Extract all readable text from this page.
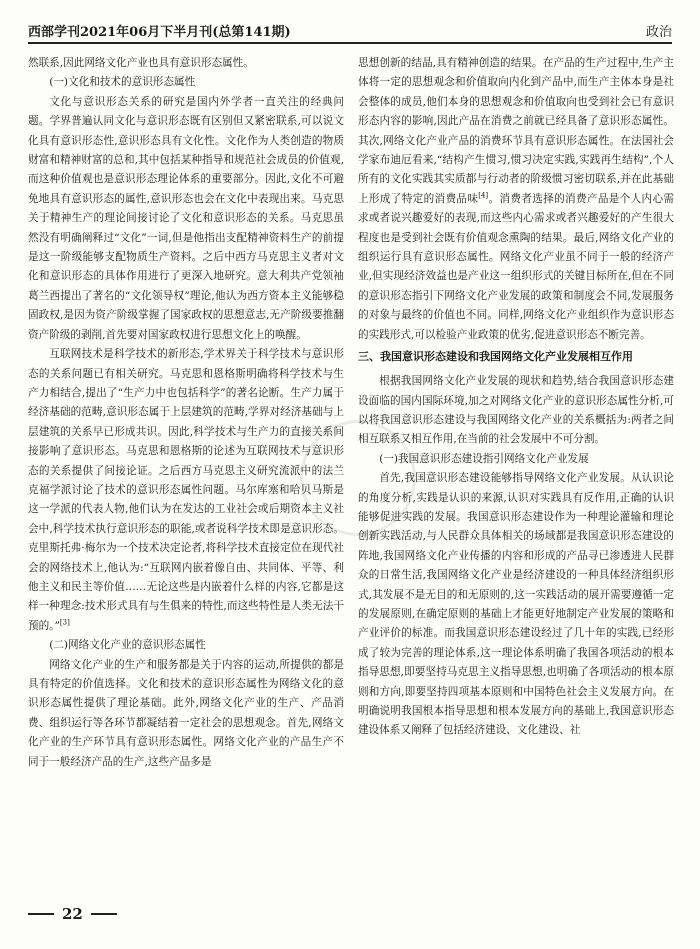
西部学刊2021年06月下半月刊(总第141期)	政治

然联系,因此网络文化产业也具有意识形态属性。

(一)文化和技术的意识形态属性

文化与意识形态关系的研究是国内外学者一直关注的经典问题。学界普遍认同文化与意识形态既有区别但又紧密联系,可以说文化具有意识形态性,意识形态具有文化性。文化作为人类创造的物质财富和精神财富的总和,其中包括某种指导和规范社会成员的价值观,而这种价值观也是意识形态理论体系的重要部分。因此,文化不可避免地具有意识形态的属性,意识形态也会在文化中表现出来。马克思关于精神生产的理论间接讨论了文化和意识形态的关系。马克思虽然没有明确阐释过“文化”一词,但是他指出支配精神资料生产的前提是这一阶级能够支配物质生产资料。之后中西方马克思主义者对文化和意识形态的具体作用进行了更深入地研究。意大利共产党领袖葛兰西提出了著名的“文化领导权”理论,他认为西方资本主义能够稳固政权,是因为资产阶级掌握了国家政权的思想意志,无产阶级要推翻资产阶级的剥削,首先要对国家政权进行思想文化上的唤醒。

互联网技术是科学技术的新形态,学术界关于科学技术与意识形态的关系问题已有相关研究。马克思和恩格斯明确将科学技术与生产力相结合,提出了“生产力中也包括科学”的著名论断。生产力属于经济基础的范畴,意识形态属于上层建筑的范畴,学界对经济基础与上层建筑的关系早已形成共识。因此,科学技术与生产力的直接关系间接影响了意识形态。马克思和恩格斯的论述为互联网技术与意识形态的关系提供了间接论证。之后西方马克思主义研究流派中的法兰克福学派讨论了技术的意识形态属性问题。马尔库塞和哈贝马斯是这一学派的代表人物,他们认为在发达的工业社会或后期资本主义社会中,科学技术执行意识形态的职能,或者说科学技术即是意识形态。克里斯托弗·梅尔为一个技术决定论者,将科学技术直接定位在现代社会的网络技术上,他认为:“互联网内嵌着像自由、共同体、平等、利他主义和民主等价值……无论这些是内嵌着什么样的内容,它都是这样一种理念:技术形式具有与生俱来的特性,而这些特性是人类无法干预的。”[3]

(二)网络文化产业的意识形态属性

网络文化产业的生产和服务都是关于内容的运动,所提供的都是具有特定的价值选择。文化和技术的意识形态属性为网络文化的意识形态属性提供了理论基础。此外,网络文化产业的生产、产品消费、组织运行等各环节都凝结着一定社会的思想观念。首先,网络文化产业的生产环节具有意识形态属性。网络文化产业的产品生产不同于一般经济产品的生产,这些产品多是

思想创新的结晶,具有精神创造的结果。在产品的生产过程中,生产主体将一定的思想观念和价值取向内化到产品中,而生产主体本身是社会整体的成员,他们本身的思想观念和价值取向也受到社会已有意识形态内容的影响,因此产品在消费之前就已经具备了意识形态属性。其次,网络文化产业产品的消费环节具有意识形态属性。在法国社会学家布迪厄看来,“结构产生惯习,惯习决定实践,实践再生结构”,个人所有的文化实践其实质都与行动者的阶级惯习密切联系,并在此基础上形成了特定的消费品味[4]。消费者选择的消费产品是个人内心需求或者说兴趣爱好的表现,而这些内心需求或者兴趣爱好的产生很大程度也是受到社会既有价值观念熏陶的结果。最后,网络文化产业的组织运行具有意识形态属性。网络文化产业虽不同于一般的经济产业,但实现经济效益也是产业这一组织形式的关键目标所在,但在不同的意识形态指引下网络文化产业发展的政策和制度会不同,发展服务的对象与最终的价值也不同。同样,网络文化产业组织作为意识形态的实践形式,可以检验产业政策的优劣,促进意识形态不断完善。

三、我国意识形态建设和我国网络文化产业发展相互作用

根据我国网络文化产业发展的现状和趋势,结合我国意识形态建设面临的国内国际环境,加之对网络文化产业的意识形态属性分析,可以将我国意识形态建设与我国网络文化产业的关系概括为:两者之间相互联系又相互作用,在当前的社会发展中不可分割。

(一)我国意识形态建设指引网络文化产业发展

首先,我国意识形态建设能够指导网络文化产业发展。从认识论的角度分析,实践是认识的来源,认识对实践具有反作用,正确的认识能够促进实践的发展。我国意识形态建设作为一种理论灌输和理论创新实践活动,与人民群众具体相关的场域都是我国意识形态建设的阵地,我国网络文化产业传播的内容和形成的产品寻已渗透进人民群众的日常生活,我国网络文化产业是经济建设的一种具体经济组织形式,其发展不是无目的和无原则的,这一实践活动的展开需要遵循一定的发展原则,在确定原则的基础上才能更好地制定产业发展的策略和产业评价的标准。而我国意识形态建设经过了几十年的实践,已经形成了较为完善的理论体系,这一理论体系明确了我国各项活动的根本指导思想,即要坚持马克思主义指导思想,也明确了各项活动的根本原则和方向,即要坚持四项基本原则和中国特色社会主义发展方向。在明确说明我国根本指导思想和根本发展方向的基础上,我国意识形态建设体系又阐释了包括经济建设、文化建设、社

22
